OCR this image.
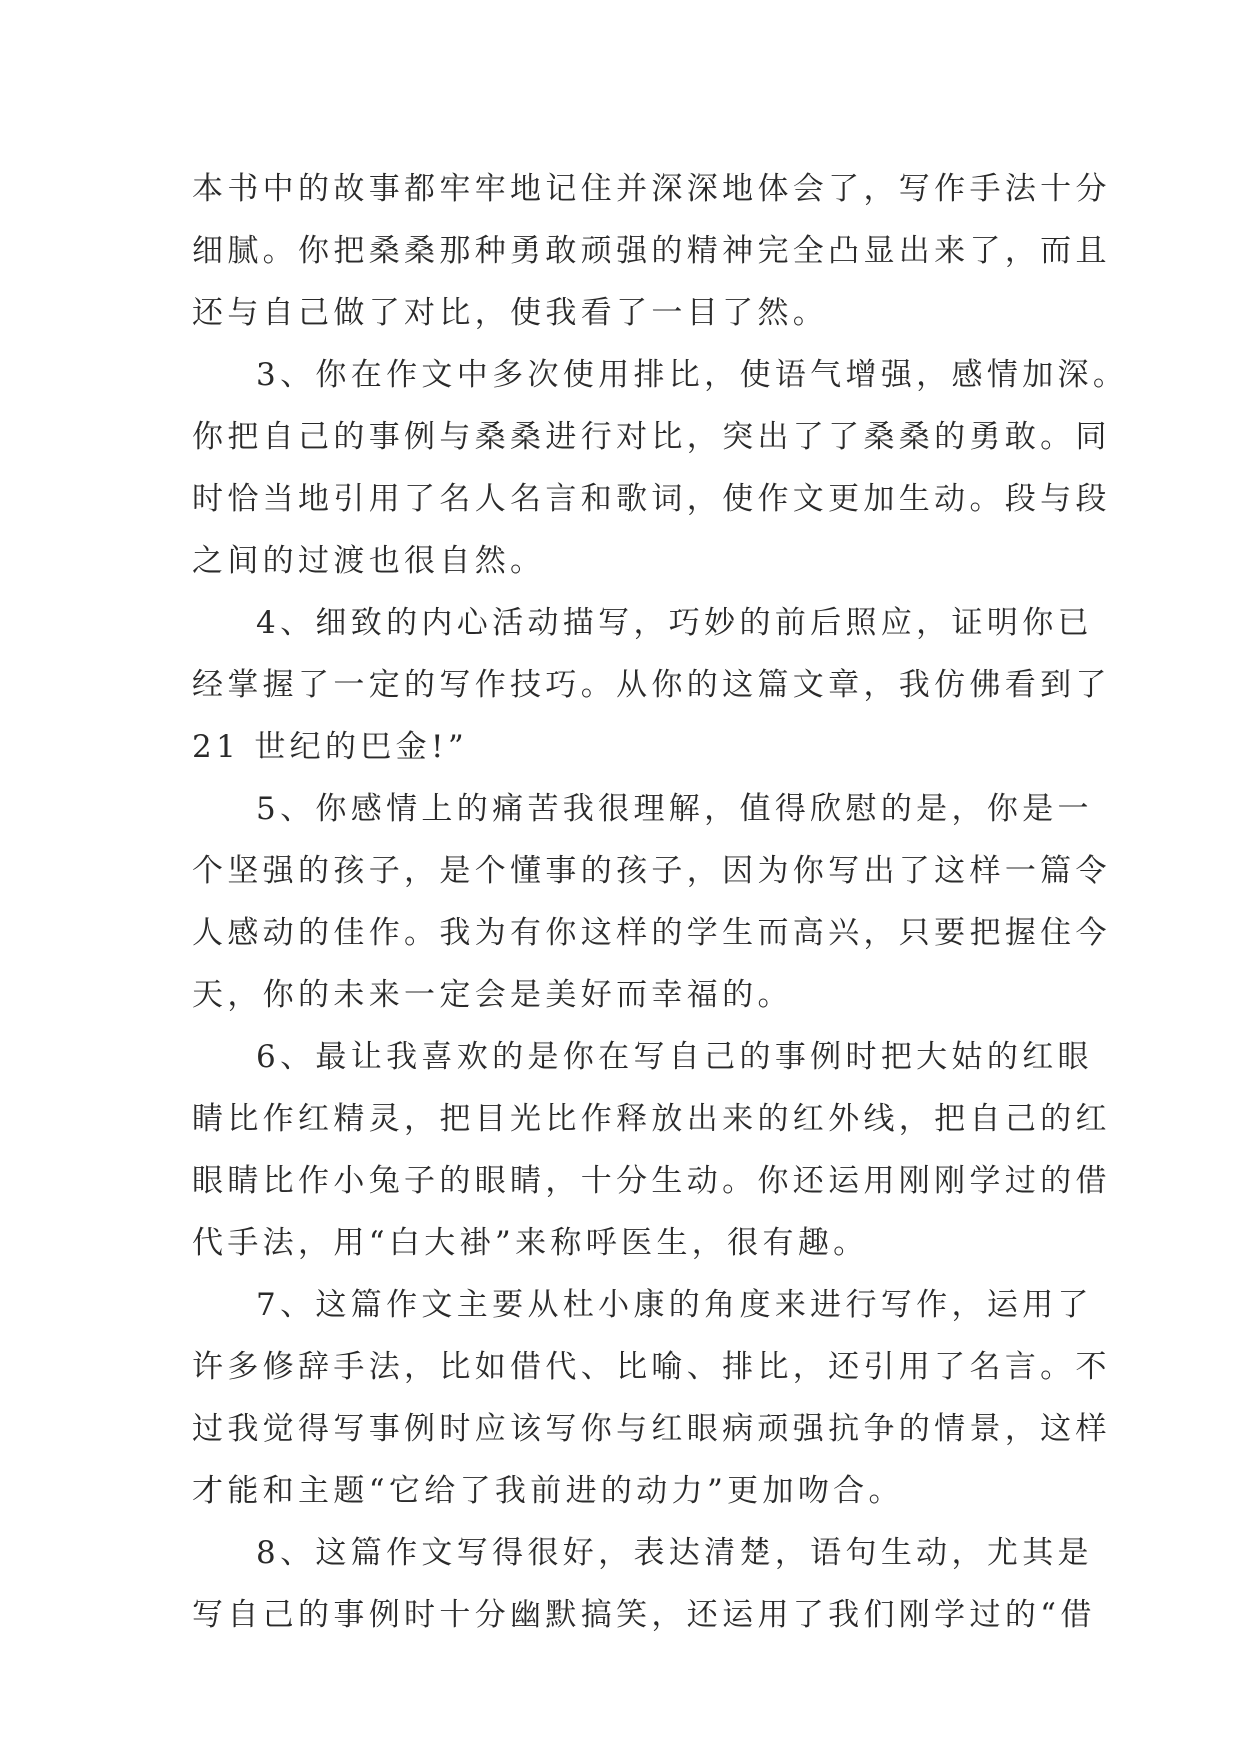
本书中的故事都牢牢地记住并深深地体会了，写作手法十分
细腻。你把桑桑那种勇敢顽强的精神完全凸显出来了，而且
还与自己做了对比，使我看了一目了然。
3、你在作文中多次使用排比，使语气增强，感情加深。
你把自己的事例与桑桑进行对比，突出了了桑桑的勇敢。同
时恰当地引用了名人名言和歌词，使作文更加生动。段与段
之间的过渡也很自然。
4、细致的内心活动描写，巧妙的前后照应，证明你已
经掌握了一定的写作技巧。从你的这篇文章，我仿佛看到了
21 世纪的巴金!”
5、你感情上的痛苦我很理解，值得欣慰的是，你是一
个坚强的孩子，是个懂事的孩子，因为你写出了这样一篇令
人感动的佳作。我为有你这样的学生而高兴，只要把握住今
天，你的未来一定会是美好而幸福的。
6、最让我喜欢的是你在写自己的事例时把大姑的红眼
睛比作红精灵，把目光比作释放出来的红外线，把自己的红
眼睛比作小兔子的眼睛，十分生动。你还运用刚刚学过的借
代手法，用“白大褂”来称呼医生，很有趣。
7、这篇作文主要从杜小康的角度来进行写作，运用了
许多修辞手法，比如借代、比喻、排比，还引用了名言。不
过我觉得写事例时应该写你与红眼病顽强抗争的情景，这样
才能和主题“它给了我前进的动力”更加吻合。
8、这篇作文写得很好，表达清楚，语句生动，尤其是
写自己的事例时十分幽默搞笑，还运用了我们刚学过的“借
